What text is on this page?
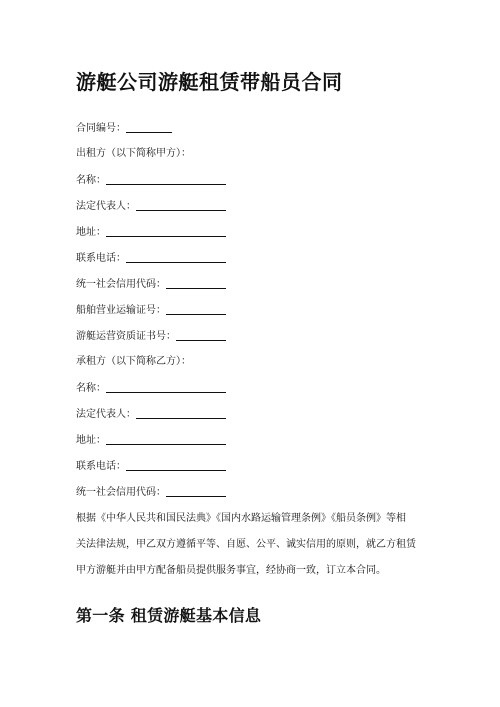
游艇公司游艇租赁带船员合同
合同编号：
出租方（以下简称甲方）：
名称：
法定代表人：
地址：
联系电话：
统一社会信用代码：
船舶营业运输证号：
游艇运营资质证书号：
承租方（以下简称乙方）：
名称：
法定代表人：
地址：
联系电话：
统一社会信用代码：
根据《中华人民共和国民法典》《国内水路运输管理条例》《船员条例》等相
关法律法规，甲乙双方遵循平等、自愿、公平、诚实信用的原则，就乙方租赁
甲方游艇并由甲方配备船员提供服务事宜，经协商一致，订立本合同。
第一条 租赁游艇基本信息
